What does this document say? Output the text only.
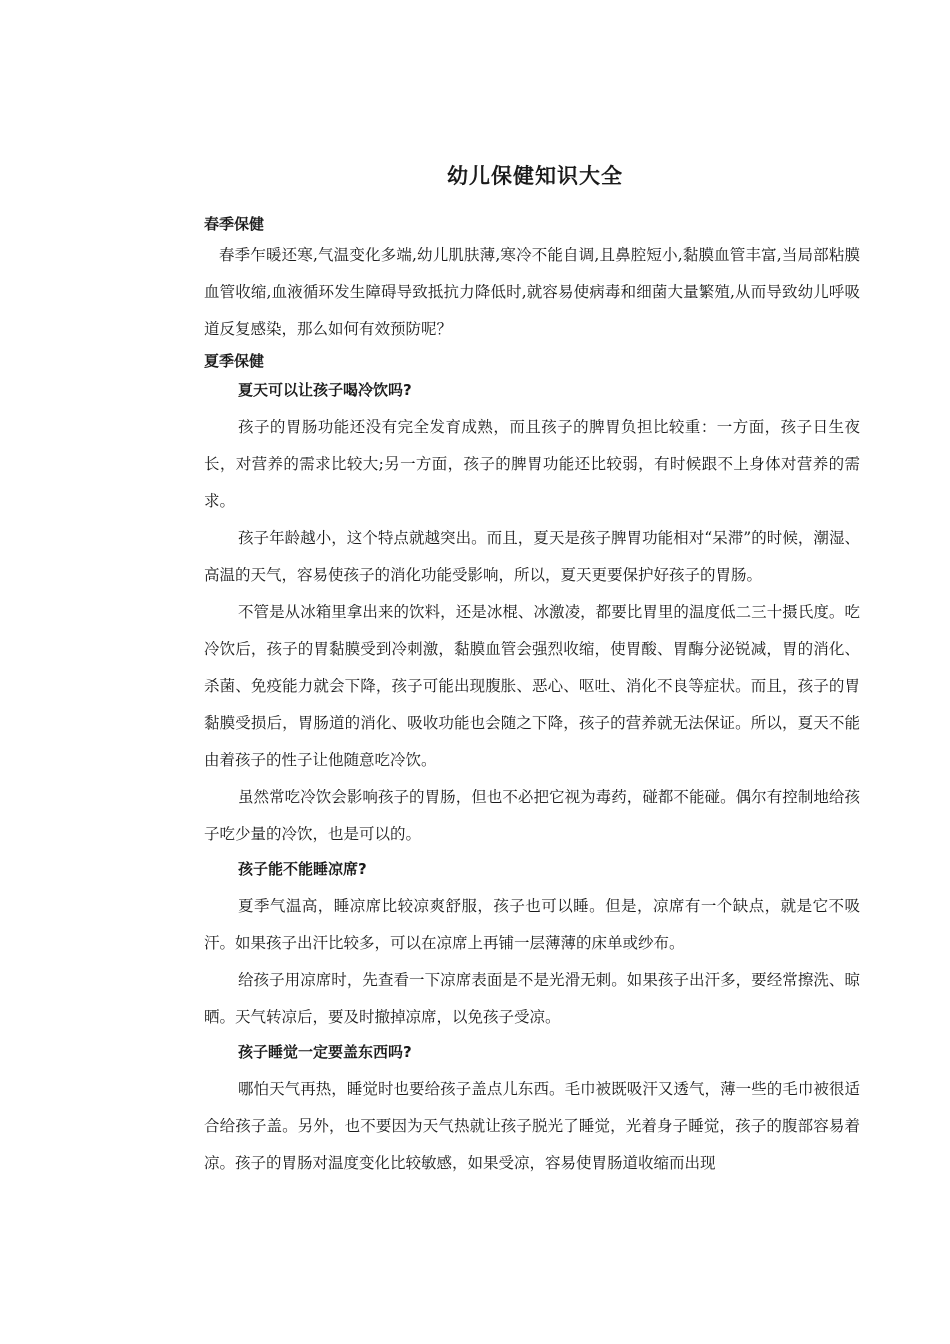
幼儿保健知识大全
春季保健

春季乍暖还寒,气温变化多端,幼儿肌肤薄,寒冷不能自调,且鼻腔短小,黏膜血管丰富,当局部粘膜血管收缩,血液循环发生障碍导致抵抗力降低时,就容易使病毒和细菌大量繁殖,从而导致幼儿呼吸道反复感染，那么如何有效预防呢？

夏季保健
夏天可以让孩子喝冷饮吗?

孩子的胃肠功能还没有完全发育成熟，而且孩子的脾胃负担比较重：一方面，孩子日生夜长，对营养的需求比较大;另一方面，孩子的脾胃功能还比较弱，有时候跟不上身体对营养的需求。

孩子年龄越小，这个特点就越突出。而且，夏天是孩子脾胃功能相对“呆滞”的时候，潮湿、高温的天气，容易使孩子的消化功能受影响，所以，夏天更要保护好孩子的胃肠。

不管是从冰箱里拿出来的饮料，还是冰棍、冰激凌，都要比胃里的温度低二三十摄氏度。吃冷饮后，孩子的胃黏膜受到冷刺激，黏膜血管会强烈收缩，使胃酸、胃酶分泌锐减，胃的消化、杀菌、免疫能力就会下降，孩子可能出现腹胀、恶心、呕吐、消化不良等症状。而且，孩子的胃黏膜受损后，胃肠道的消化、吸收功能也会随之下降，孩子的营养就无法保证。所以，夏天不能由着孩子的性子让他随意吃冷饮。

虽然常吃冷饮会影响孩子的胃肠，但也不必把它视为毒药，碰都不能碰。偶尔有控制地给孩子吃少量的冷饮，也是可以的。

孩子能不能睡凉席?

夏季气温高，睡凉席比较凉爽舒服，孩子也可以睡。但是，凉席有一个缺点，就是它不吸汗。如果孩子出汗比较多，可以在凉席上再铺一层薄薄的床单或纱布。

给孩子用凉席时，先查看一下凉席表面是不是光滑无刺。如果孩子出汗多，要经常擦洗、晾晒。天气转凉后，要及时撤掉凉席，以免孩子受凉。

孩子睡觉一定要盖东西吗?

哪怕天气再热，睡觉时也要给孩子盖点儿东西。毛巾被既吸汗又透气，薄一些的毛巾被很适合给孩子盖。另外，也不要因为天气热就让孩子脱光了睡觉，光着身子睡觉，孩子的腹部容易着凉。孩子的胃肠对温度变化比较敏感，如果受凉，容易使胃肠道收缩而出现
